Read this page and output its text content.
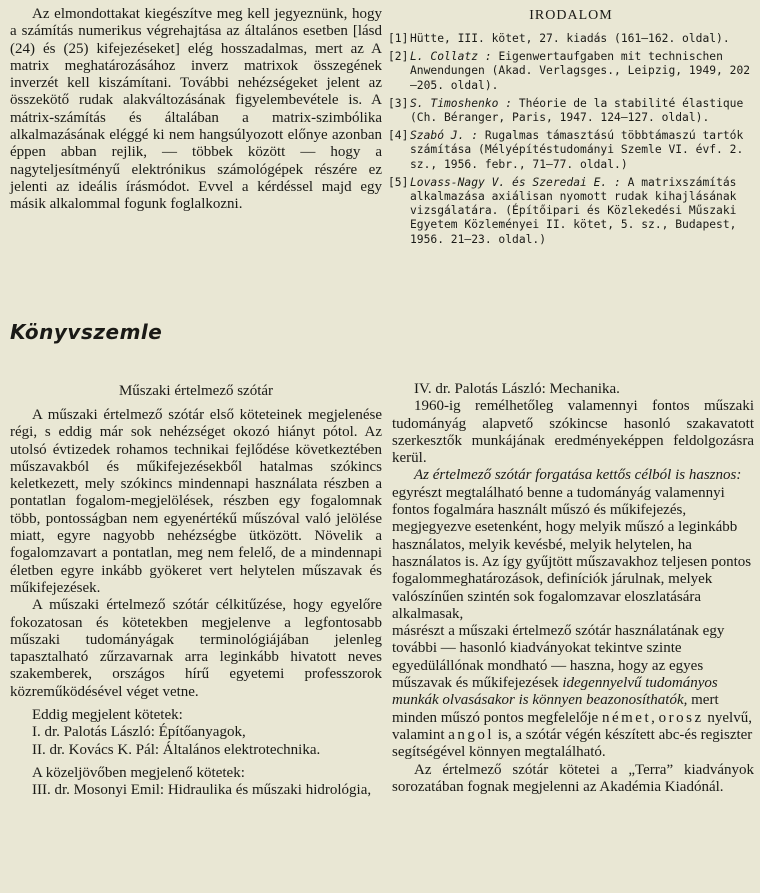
Az elmondottakat kiegészítve meg kell jegyeznünk, hogy a számítás numerikus végrehajtása az általános esetben [lásd (24) és (25) kifejezéseket] elég hosszadalmas, mert az A matrix meghatározásához inverz matrixok összegének inverzét kell kiszámítani. További nehézségeket jelent az összekötő rudak alakváltozásának figyelembevétele is. A mátrix-számítás és általában a matrix-szimbólika alkalmazásának eléggé ki nem hangsúlyozott előnye azonban éppen abban rejlik, — többek között — hogy a nagyteljesítményű elektrónikus számológépek részére ez jelenti az ideális írásmódot. Evvel a kérdéssel majd egy másik alkalommal fogunk foglalkozni.

IRODALOM
[1] Hütte, III. kötet, 27. kiadás (161—162. oldal).
[2] L. Collatz : Eigenwertaufgaben mit technischen Anwendungen (Akad. Verlagsges., Leipzig, 1949, 202—205. oldal).
[3] S. Timoshenko : Théorie de la stabilité élastique (Ch. Béranger, Paris, 1947. 124—127. oldal).
[4] Szabó J. : Rugalmas támasztású többtámaszú tartók számítása (Mélyépítéstudományi Szemle VI. évf. 2. sz., 1956. febr., 71—77. oldal.)
[5] Lovass-Nagy V. és Szeredai E. : A matrixszámítás alkalmazása axiálisan nyomott rudak kihajlásának vizsgálatára. (Építőipari és Közlekedési Műszaki Egyetem Közleményei II. kötet, 5. sz., Budapest, 1956. 21—23. oldal.)
Könyvszemle
Műszaki értelmező szótár

A műszaki értelmező szótár első köteteinek megjelenése régi, s eddig már sok nehézséget okozó hiányt pótol. Az utolsó évtizedek rohamos technikai fejlődése következtében műszavakból és műkifejezésekből hatalmas szókincs keletkezett, mely szókincs mindennapi használata részben a pontatlan fogalom-megjelölések, részben egy fogalomnak több, pontosságban nem egyenértékű műszóval való jelölése miatt, egyre nagyobb nehézségbe ütközött. Növelik a fogalomzavart a pontatlan, meg nem felelő, de a mindennapi életben egyre inkább gyökeret vert helytelen műszavak és műkifejezések.

A műszaki értelmező szótár célkitűzése, hogy egyelőre fokozatosan és kötetekben megjelenve a legfontosabb műszaki tudományágak terminológiájában jelenleg tapasztalható zűrzavarnak arra leginkább hivatott neves szakemberek, országos hírű egyetemi professzorok közreműködésével véget vetne.

Eddig megjelent kötetek:

I. dr. Palotás László: Építőanyagok,

II. dr. Kovács K. Pál: Általános elektrotechnika.

A közeljövőben megjelenő kötetek:

III. dr. Mosonyi Emil: Hidraulika és műszaki hidrológia,

IV. dr. Palotás László: Mechanika.

1960-ig remélhetőleg valamennyi fontos műszaki tudományág alapvető szókincse hasonló szakavatott szerkesztők munkájának eredményeképpen feldolgozásra kerül.

Az értelmező szótár forgatása kettős célból is hasznos:

egyrészt megtalálható benne a tudományág valamennyi fontos fogalmára használt műszó és műkifejezés, megjegyezve esetenként, hogy melyik műszó a leginkább használatos, melyik kevésbé, melyik helytelen, ha használatos is. Az így gyűjtött műszavakhoz teljesen pontos fogalommeghatározások, definíciók járulnak, melyek valószínűen szintén sok fogalomzavar eloszlatására alkalmasak,

másrészt a műszaki értelmező szótár használatának egy további — hasonló kiadványokat tekintve szinte egyedülállónak mondható — haszna, hogy az egyes műszavak és műkifejezések idegennyelvű tudományos munkák olvasásakor is könnyen beazonosíthatók, mert minden műszó pontos megfelelője német, orosz nyelvű, valamint angol is, a szótár végén készített abc-és regiszter segítségével könnyen megtalálható.

Az értelmező szótár kötetei a „Terra” kiadványok sorozatában fognak megjelenni az Akadémia Kiadónál.
